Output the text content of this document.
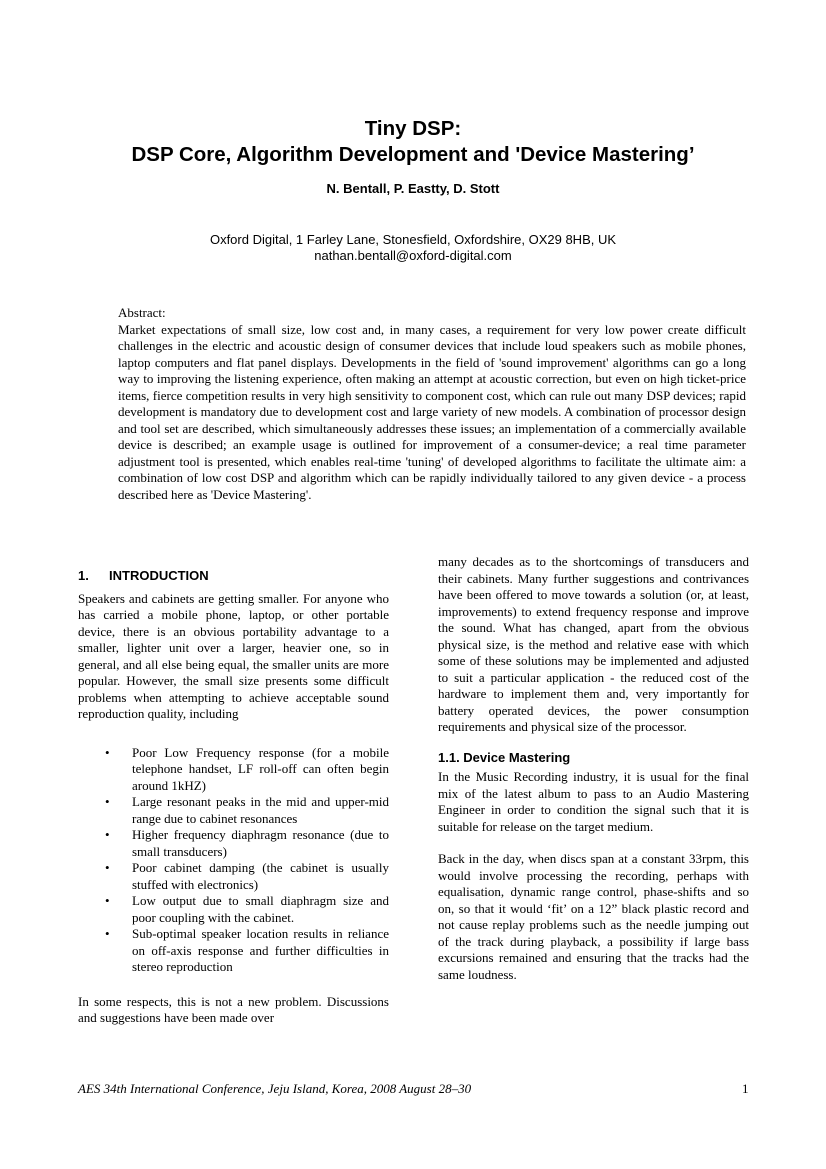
Tiny DSP:
DSP Core, Algorithm Development and 'Device Mastering’
N. Bentall, P. Eastty, D. Stott
Oxford Digital, 1 Farley Lane, Stonesfield, Oxfordshire, OX29 8HB, UK
nathan.bentall@oxford-digital.com
Abstract:
Market expectations of small size, low cost and, in many cases, a requirement for very low power create difficult challenges in the electric and acoustic design of consumer devices that include loud speakers such as mobile phones, laptop computers and flat panel displays. Developments in the field of 'sound improvement' algorithms can go a long way to improving the listening experience, often making an attempt at acoustic correction, but even on high ticket-price items, fierce competition results in very high sensitivity to component cost, which can rule out many DSP devices; rapid development is mandatory due to development cost and large variety of new models. A combination of processor design and tool set are described, which simultaneously addresses these issues; an implementation of a commercially available device is described; an example usage is outlined for improvement of a consumer-device; a real time parameter adjustment tool is presented, which enables real-time 'tuning' of developed algorithms to facilitate the ultimate aim: a combination of low cost DSP and algorithm which can be rapidly individually tailored to any given device - a process described here as 'Device Mastering'.
1. INTRODUCTION

Speakers and cabinets are getting smaller. For anyone who has carried a mobile phone, laptop, or other portable device, there is an obvious portability advantage to a smaller, lighter unit over a larger, heavier one, so in general, and all else being equal, the smaller units are more popular. However, the small size presents some difficult problems when attempting to achieve acceptable sound reproduction quality, including

• Poor Low Frequency response (for a mobile telephone handset, LF roll-off can often begin around 1kHZ)
• Large resonant peaks in the mid and upper-mid range due to cabinet resonances
• Higher frequency diaphragm resonance (due to small transducers)
• Poor cabinet damping (the cabinet is usually stuffed with electronics)
• Low output due to small diaphragm size and poor coupling with the cabinet.
• Sub-optimal speaker location results in reliance on off-axis response and further difficulties in stereo reproduction

In some respects, this is not a new problem. Discussions and suggestions have been made over

many decades as to the shortcomings of transducers and their cabinets. Many further suggestions and contrivances have been offered to move towards a solution (or, at least, improvements) to extend frequency response and improve the sound. What has changed, apart from the obvious physical size, is the method and relative ease with which some of these solutions may be implemented and adjusted to suit a particular application - the reduced cost of the hardware to implement them and, very importantly for battery operated devices, the power consumption requirements and physical size of the processor.

1.1. Device Mastering

In the Music Recording industry, it is usual for the final mix of the latest album to pass to an Audio Mastering Engineer in order to condition the signal such that it is suitable for release on the target medium.

Back in the day, when discs span at a constant 33rpm, this would involve processing the recording, perhaps with equalisation, dynamic range control, phase-shifts and so on, so that it would ‘fit’ on a 12” black plastic record and not cause replay problems such as the needle jumping out of the track during playback, a possibility if large bass excursions remained and ensuring that the tracks had the same loudness.

AES 34th International Conference, Jeju Island, Korea, 2008 August 28–30	1
